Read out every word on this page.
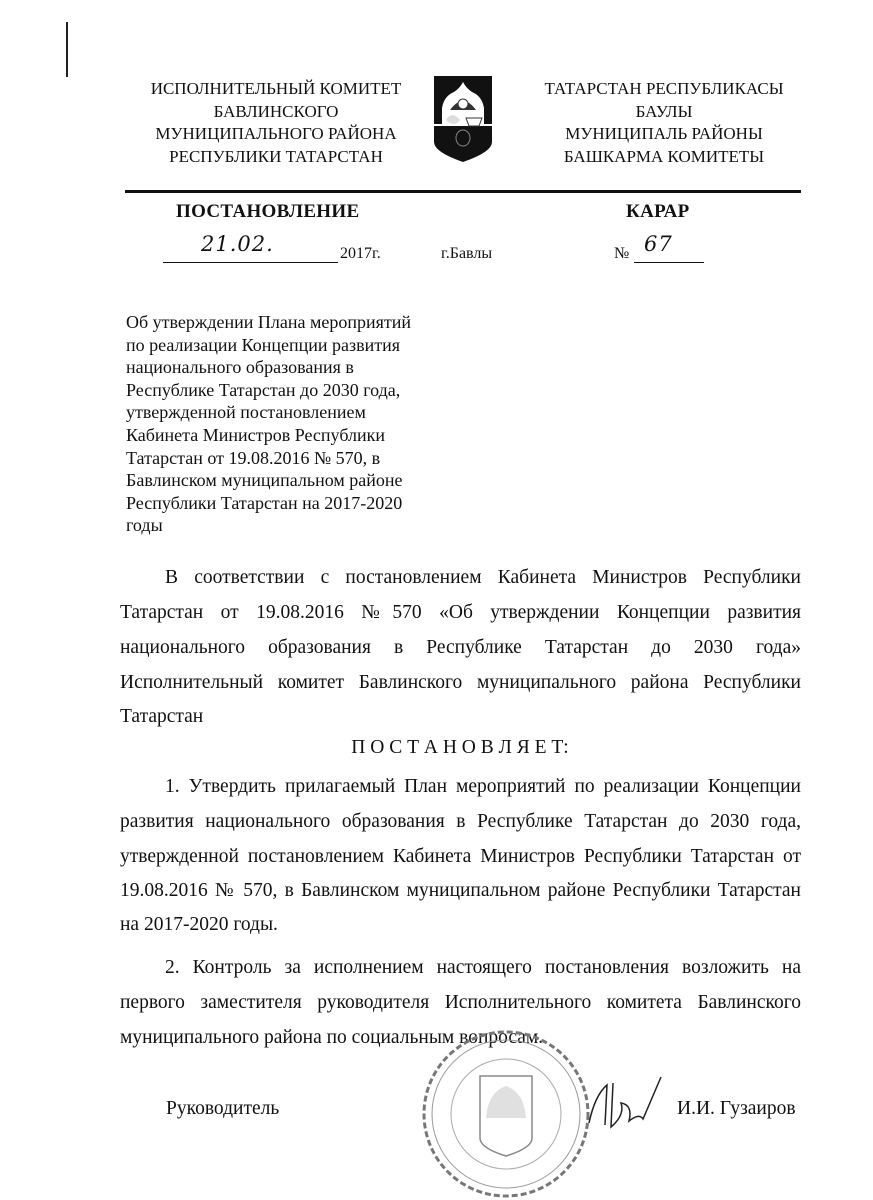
ИСПОЛНИТЕЛЬНЫЙ КОМИТЕТ
БАВЛИНСКОГО
МУНИЦИПАЛЬНОГО РАЙОНА
РЕСПУБЛИКИ ТАТАРСТАН
ТАТАРСТАН РЕСПУБЛИКАСЫ
БАУЛЫ
МУНИЦИПАЛЬ РАЙОНЫ
БАШКАРМА КОМИТЕТЫ
ПОСТАНОВЛЕНИЕ	КАРАР
21.02.	2017г.	г.Бавлы	№ 67
Об утверждении Плана мероприятий
по реализации Концепции развития
национального образования в
Республике Татарстан до 2030 года,
утвержденной постановлением
Кабинета Министров Республики
Татарстан от 19.08.2016 № 570, в
Бавлинском муниципальном районе
Республики Татарстан на 2017-2020
годы
В соответствии с постановлением Кабинета Министров Республики
Татарстан от 19.08.2016 №570 «Об утверждении Концепции развития
национального образования в Республике Татарстан до 2030 года»
Исполнительный комитет Бавлинского муниципального района Республики
Татарстан
П О С Т А Н О В Л Я Е Т:
1. Утвердить прилагаемый План мероприятий по реализации Концепции
развития национального образования в Республике Татарстан до 2030 года,
утвержденной постановлением Кабинета Министров Республики Татарстан от
19.08.2016 № 570, в Бавлинском муниципальном районе Республики Татарстан
на 2017-2020 годы.
2. Контроль за исполнением настоящего постановления возложить на
первого заместителя руководителя Исполнительного комитета Бавлинского
муниципального района по социальным вопросам.
Руководитель	И.И. Гузаиров
